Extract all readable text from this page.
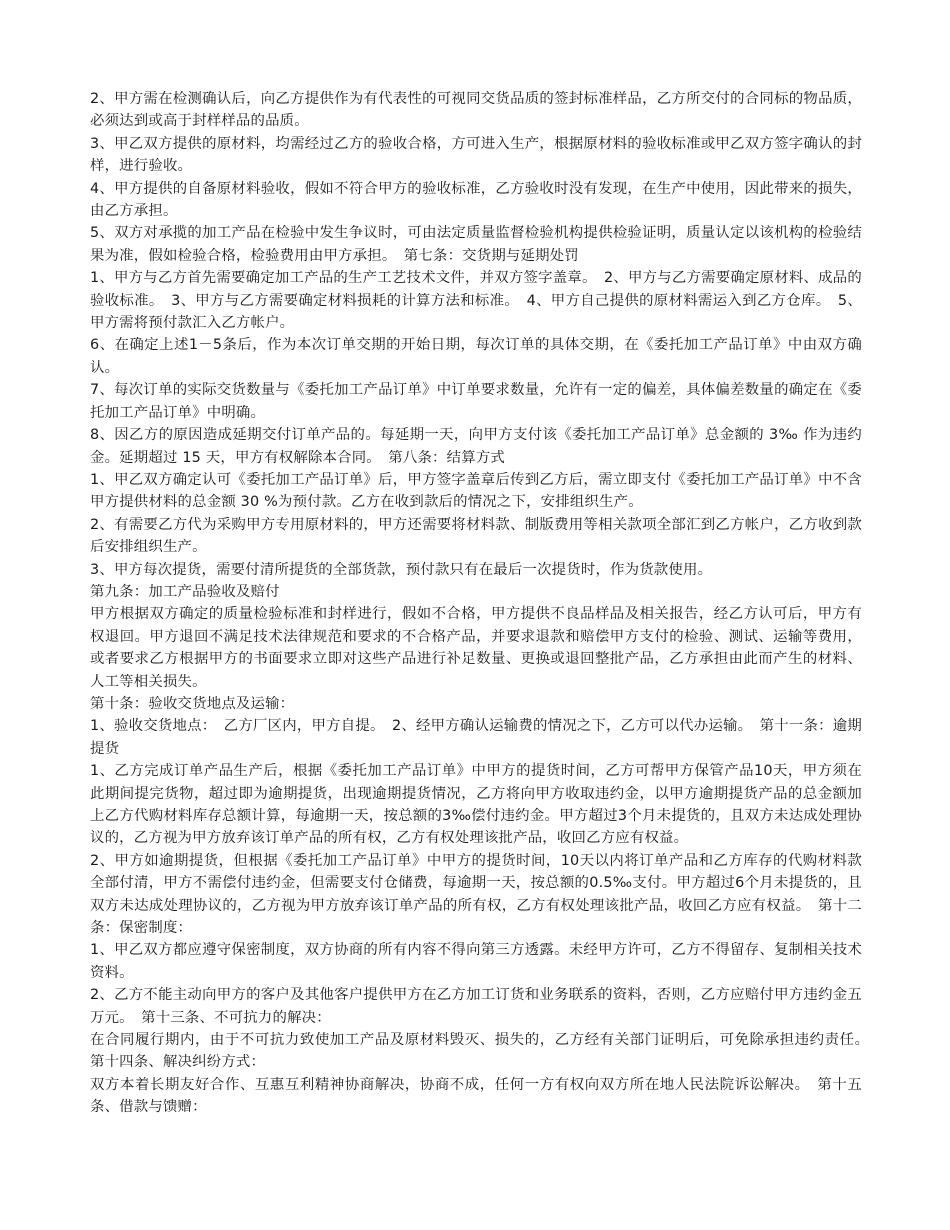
2、甲方需在检测确认后，向乙方提供作为有代表性的可视同交货品质的签封标准样品，乙方所交付的合同标的物品质，必须达到或高于封样样品的品质。

3、甲乙双方提供的原材料，均需经过乙方的验收合格，方可进入生产，根据原材料的验收标准或甲乙双方签字确认的封样，进行验收。

4、甲方提供的自备原材料验收，假如不符合甲方的验收标准，乙方验收时没有发现，在生产中使用，因此带来的损失，由乙方承担。

5、双方对承揽的加工产品在检验中发生争议时，可由法定质量监督检验机构提供检验证明，质量认定以该机构的检验结果为准，假如检验合格，检验费用由甲方承担。　第七条：交货期与延期处罚

1、甲方与乙方首先需要确定加工产品的生产工艺技术文件，并双方签字盖章。　2、甲方与乙方需要确定原材料、成品的验收标准。　3、甲方与乙方需要确定材料损耗的计算方法和标准。　4、甲方自己提供的原材料需运入到乙方仓库。　5、甲方需将预付款汇入乙方帐户。

6、在确定上述1－5条后，作为本次订单交期的开始日期，每次订单的具体交期，在《委托加工产品订单》中由双方确认。

7、每次订单的实际交货数量与《委托加工产品订单》中订单要求数量，允许有一定的偏差，具体偏差数量的确定在《委托加工产品订单》中明确。

8、因乙方的原因造成延期交付订单产品的。每延期一天，向甲方支付该《委托加工产品订单》总金额的 3‰ 作为违约金。延期超过 15 天，甲方有权解除本合同。　第八条：结算方式

1、甲乙双方确定认可《委托加工产品订单》后，甲方签字盖章后传到乙方后，需立即支付《委托加工产品订单》中不含甲方提供材料的总金额 30 %为预付款。乙方在收到款后的情况之下，安排组织生产。

2、有需要乙方代为采购甲方专用原材料的，甲方还需要将材料款、制版费用等相关款项全部汇到乙方帐户，乙方收到款后安排组织生产。

3、甲方每次提货，需要付清所提货的全部货款，预付款只有在最后一次提货时，作为货款使用。

第九条：加工产品验收及赔付

甲方根据双方确定的质量检验标准和封样进行，假如不合格，甲方提供不良品样品及相关报告，经乙方认可后，甲方有权退回。甲方退回不满足技术法律规范和要求的不合格产品，并要求退款和赔偿甲方支付的检验、测试、运输等费用，或者要求乙方根据甲方的书面要求立即对这些产品进行补足数量、更换或退回整批产品，乙方承担由此而产生的材料、人工等相关损失。

第十条：验收交货地点及运输：

1、验收交货地点：　乙方厂区内，甲方自提。　2、经甲方确认运输费的情况之下，乙方可以代办运输。　第十一条：逾期提货

1、乙方完成订单产品生产后，根据《委托加工产品订单》中甲方的提货时间，乙方可帮甲方保管产品10天，甲方须在此期间提完货物，超过即为逾期提货，出现逾期提货情况，乙方将向甲方收取违约金，以甲方逾期提货产品的总金额加上乙方代购材料库存总额计算，每逾期一天，按总额的3‰偿付违约金。甲方超过3个月未提货的，且双方未达成处理协议的，乙方视为甲方放弃该订单产品的所有权，乙方有权处理该批产品，收回乙方应有权益。

2、甲方如逾期提货，但根据《委托加工产品订单》中甲方的提货时间，10天以内将订单产品和乙方库存的代购材料款全部付清，甲方不需偿付违约金，但需要支付仓储费，每逾期一天，按总额的0.5‰支付。甲方超过6个月未提货的，且双方未达成处理协议的，乙方视为甲方放弃该订单产品的所有权，乙方有权处理该批产品，收回乙方应有权益。　第十二条：保密制度：

1、甲乙双方都应遵守保密制度，双方协商的所有内容不得向第三方透露。未经甲方许可，乙方不得留存、复制相关技术资料。

2、乙方不能主动向甲方的客户及其他客户提供甲方在乙方加工订货和业务联系的资料，否则，乙方应赔付甲方违约金五万元。　第十三条、不可抗力的解决：

在合同履行期内，由于不可抗力致使加工产品及原材料毁灭、损失的，乙方经有关部门证明后，可免除承担违约责任。　第十四条、解决纠纷方式：

双方本着长期友好合作、互惠互利精神协商解决，协商不成，任何一方有权向双方所在地人民法院诉讼解决。　第十五条、借款与馈赠：
